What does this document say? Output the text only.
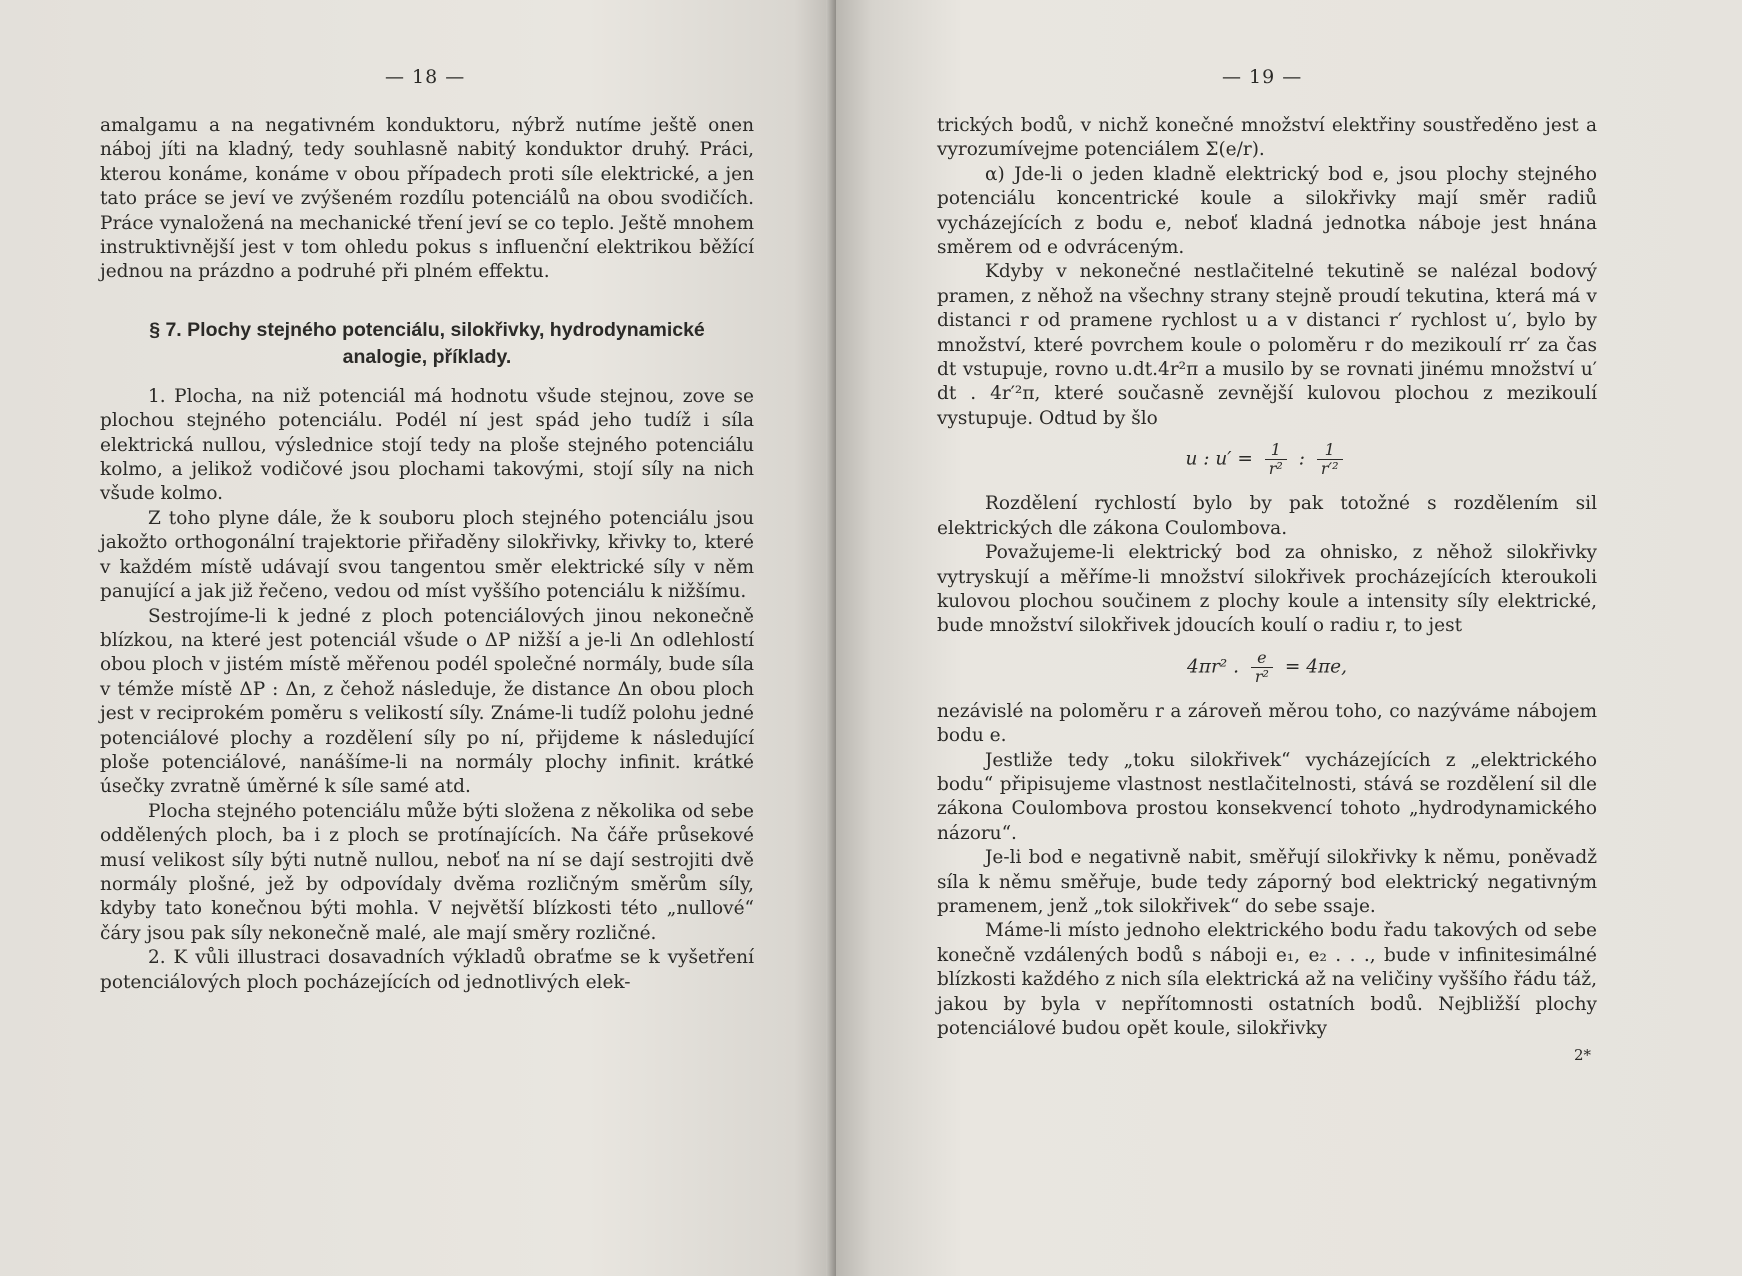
— 18 —

amalgamu a na negativném konduktoru, nýbrž nutíme ještě onen náboj jíti na kladný, tedy souhlasně nabitý konduktor druhý. Práci, kterou konáme, konáme v obou případech proti síle elektrické, a jen tato práce se jeví ve zvýšeném rozdílu potenciálů na obou svodičích. Práce vynaložená na mechanické tření jeví se co teplo. Ještě mnohem instruktivnější jest v tom ohledu pokus s influenční elektrikou běžící jednou na prázdno a podruhé při plném effektu.

§ 7. Plochy stejného potenciálu, silokřivky, hydrodynamické
analogie, příklady.

1. Plocha, na niž potenciál má hodnotu všude stejnou, zove se plochou stejného potenciálu. Podél ní jest spád jeho tudíž i síla elektrická nullou, výslednice stojí tedy na ploše stejného potenciálu kolmo, a jelikož vodičové jsou plochami takovými, stojí síly na nich všude kolmo.

Z toho plyne dále, že k souboru ploch stejného potenciálu jsou jakožto orthogonální trajektorie přiřaděny silokřivky, křivky to, které v každém místě udávají svou tangentou směr elektrické síly v něm panující a jak již řečeno, vedou od míst vyššího potenciálu k nižšímu.

Sestrojíme-li k jedné z ploch potenciálových jinou nekonečně blízkou, na které jest potenciál všude o ΔP nižší a je-li Δn odlehlostí obou ploch v jistém místě měřenou podél společné normály, bude síla v témže místě ΔP : Δn, z čehož následuje, že distance Δn obou ploch jest v reciprokém poměru s velikostí síly. Známe-li tudíž polohu jedné potenciálové plochy a rozdělení síly po ní, přijdeme k následující ploše potenciálové, nanášíme-li na normály plochy infinit. krátké úsečky zvratně úměrné k síle samé atd.

Plocha stejného potenciálu může býti složena z několika od sebe oddělených ploch, ba i z ploch se protínajících. Na čáře průsekové musí velikost síly býti nutně nullou, neboť na ní se dají sestrojiti dvě normály plošné, jež by odpovídaly dvěma rozličným směrům síly, kdyby tato konečnou býti mohla. V největší blízkosti této „nullové“ čáry jsou pak síly nekonečně malé, ale mají směry rozličné.

2. K vůli illustraci dosavadních výkladů obraťme se k vyšetření potenciálových ploch pocházejících od jednotlivých elek-

— 19 —

trických bodů, v nichž konečné množství elektřiny soustředěno jest a vyrozumívejme potenciálem Σ(e/r).

α) Jde-li o jeden kladně elektrický bod e, jsou plochy stejného potenciálu koncentrické koule a silokřivky mají směr radiů vycházejících z bodu e, neboť kladná jednotka náboje jest hnána směrem od e odvráceným.

Kdyby v nekonečné nestlačitelné tekutině se nalézal bodový pramen, z něhož na všechny strany stejně proudí tekutina, která má v distanci r od pramene rychlost u a v distanci r′ rychlost u′, bylo by množství, které povrchem koule o poloměru r do mezikoulí rr′ za čas dt vstupuje, rovno u.dt.4r²π a musilo by se rovnati jinému množství u′ dt . 4r′²π, které současně zevnější kulovou plochou z mezikoulí vystupuje. Odtud by šlo

u : $u' = \frac{1}{\text{r²}}$ : $\frac{1}{\text{r′²}}$

Rozdělení rychlostí bylo by pak totožné s rozdělením sil elektrických dle zákona Coulombova.

Považujeme-li elektrický bod za ohnisko, z něhož silokřivky vytryskují a měříme-li množství silokřivek procházejících kteroukoli kulovou plochou součinem z plochy koule a intensity síly elektrické, bude množství silokřivek jdoucích koulí o radiu r, to jest

4πr² . $\frac{e}{\text{r²}} = 4\pi e$,

nezávislé na poloměru r a zároveň měrou toho, co nazýváme nábojem bodu e.

Jestliže tedy „toku silokřivek“ vycházejících z „elektrického bodu“ připisujeme vlastnost nestlačitelnosti, stává se rozdělení sil dle zákona Coulombova prostou konsekvencí tohoto „hydrodynamického názoru“.

Je-li bod e negativně nabit, směřují silokřivky k němu, poněvadž síla k němu směřuje, bude tedy záporný bod elektrický negativným pramenem, jenž „tok silokřivek“ do sebe ssaje.

Máme-li místo jednoho elektrického bodu řadu takových od sebe konečně vzdálených bodů s náboji e₁, e₂ . . ., bude v infinitesimálné blízkosti každého z nich síla elektrická až na veličiny vyššího řádu táž, jakou by byla v nepřítomnosti ostatních bodů. Nejbližší plochy potenciálové budou opět koule, silokřivky

2*
